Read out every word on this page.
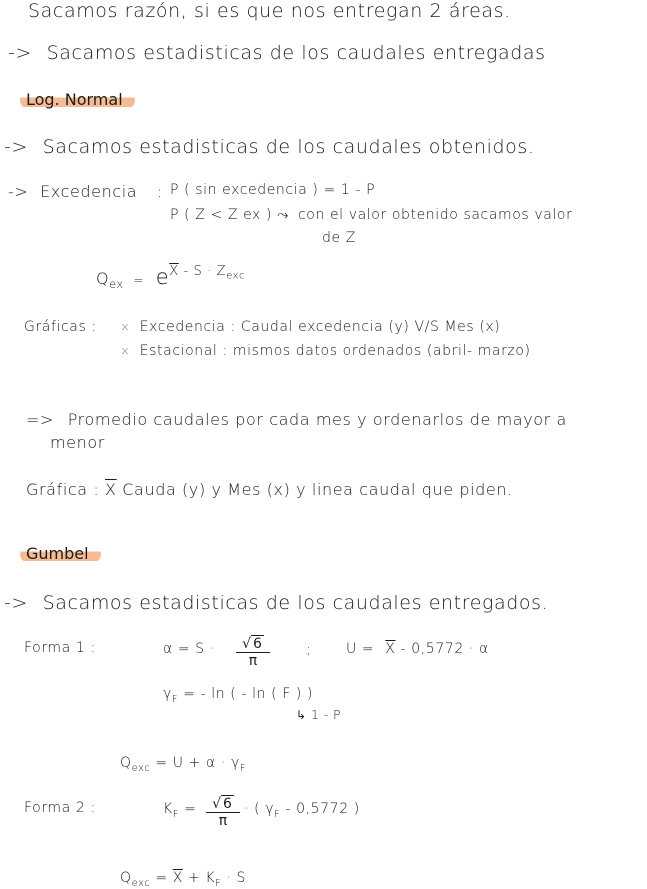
Sacamos razón, si es que nos entregan 2 áreas.
-> Sacamos estadisticas de los caudales entregadas
Log. Normal
-> Sacamos estadisticas de los caudales obtenidos.
-> Excedencia : P ( sin excedencia ) = 1 - P
P ( Z < Z ex ) ⤳ con el valor obtenido sacamos valor
de Z
$Q_{ex} = e^{\overline{X} - S \cdot Z_{exc}}$
Gráficas : × Excedencia : Caudal excedencia (y) V/S Mes (x)
× Estacional : mismos datos ordenados (abril- marzo)
=> Promedio caudales por cada mes y ordenarlos de mayor a
menor
Gráfica : $\overline{X}$ Cauda (y) y Mes (x) y linea caudal que piden.
Gumbel
-> Sacamos estadisticas de los caudales entregados.
Forma 1 :	$\alpha = S \cdot \frac{√ 6}{\pi}$	; $U = \overline{X} - 0,5772 \cdot \alpha$
$\gamma_F$ = - ln ( - ln ( F ) )
↳ 1 - P
$Q_{exc} = U + \alpha \cdot \gamma_F$
Forma 2 :	$K_F = \frac{√ 6}{\pi}$ · ( $\gamma_F - 0,5772$ )
$Q_{exc} = \overline{X} + K_F \cdot S$
